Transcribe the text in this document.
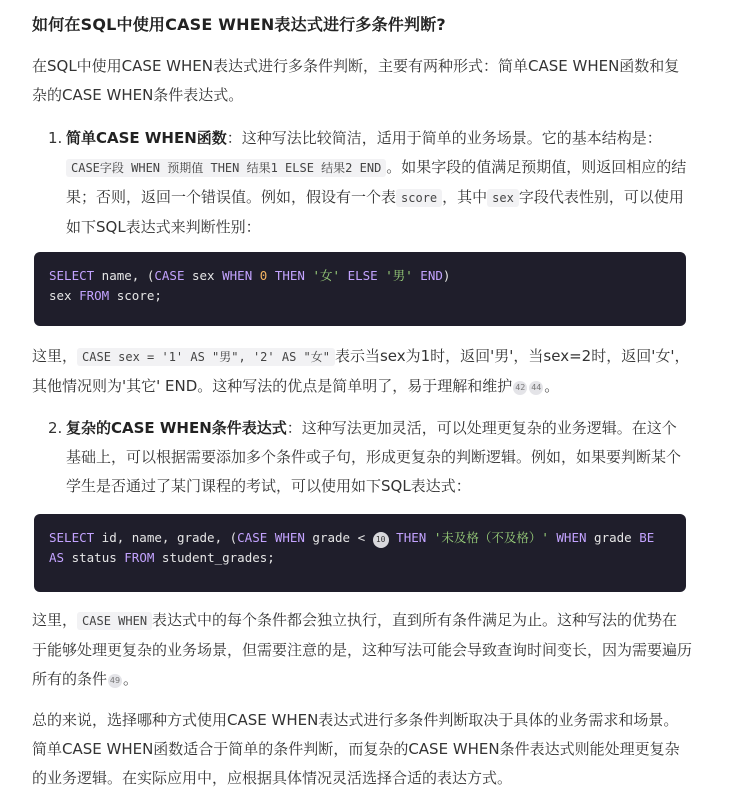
如何在SQL中使用CASE WHEN表达式进行多条件判断?
在SQL中使用CASE WHEN表达式进行多条件判断，主要有两种形式：简单CASE WHEN函数和复杂的CASE WHEN条件表达式。
1. 简单CASE WHEN函数：这种写法比较简洁，适用于简单的业务场景。它的基本结构是：CASE字段 WHEN 预期值 THEN 结果1 ELSE 结果2 END 。如果字段的值满足预期值，则返回相应的结果；否则，返回一个错误值。例如，假设有一个表 score ，其中 sex 字段代表性别，可以使用如下SQL表达式来判断性别：
SELECT name, (CASE sex WHEN 0 THEN '女' ELSE '男' END)
sex FROM score;
这里， CASE sex = '1' AS "男", '2' AS "女" 表示当sex为1时，返回'男'，当sex=2时，返回'女'，其他情况则为'其它' END。这种写法的优点是简单明了，易于理解和维护 42 44 。
2. 复杂的CASE WHEN条件表达式：这种写法更加灵活，可以处理更复杂的业务逻辑。在这个基础上，可以根据需要添加多个条件或子句，形成更复杂的判断逻辑。例如，如果要判断某个学生是否通过了某门课程的考试，可以使用如下SQL表达式：
SELECT id, name, grade, (CASE WHEN grade < 10 THEN '未及格（不及格）' WHEN grade BE
AS status FROM student_grades;
这里， CASE WHEN 表达式中的每个条件都会独立执行，直到所有条件满足为止。这种写法的优势在于能够处理更复杂的业务场景，但需要注意的是，这种写法可能会导致查询时间变长，因为需要遍历所有的条件 49 。
总的来说，选择哪种方式使用CASE WHEN表达式进行多条件判断取决于具体的业务需求和场景。简单CASE WHEN函数适合于简单的条件判断，而复杂的CASE WHEN条件表达式则能处理更复杂的业务逻辑。在实际应用中，应根据具体情况灵活选择合适的表达方式。
